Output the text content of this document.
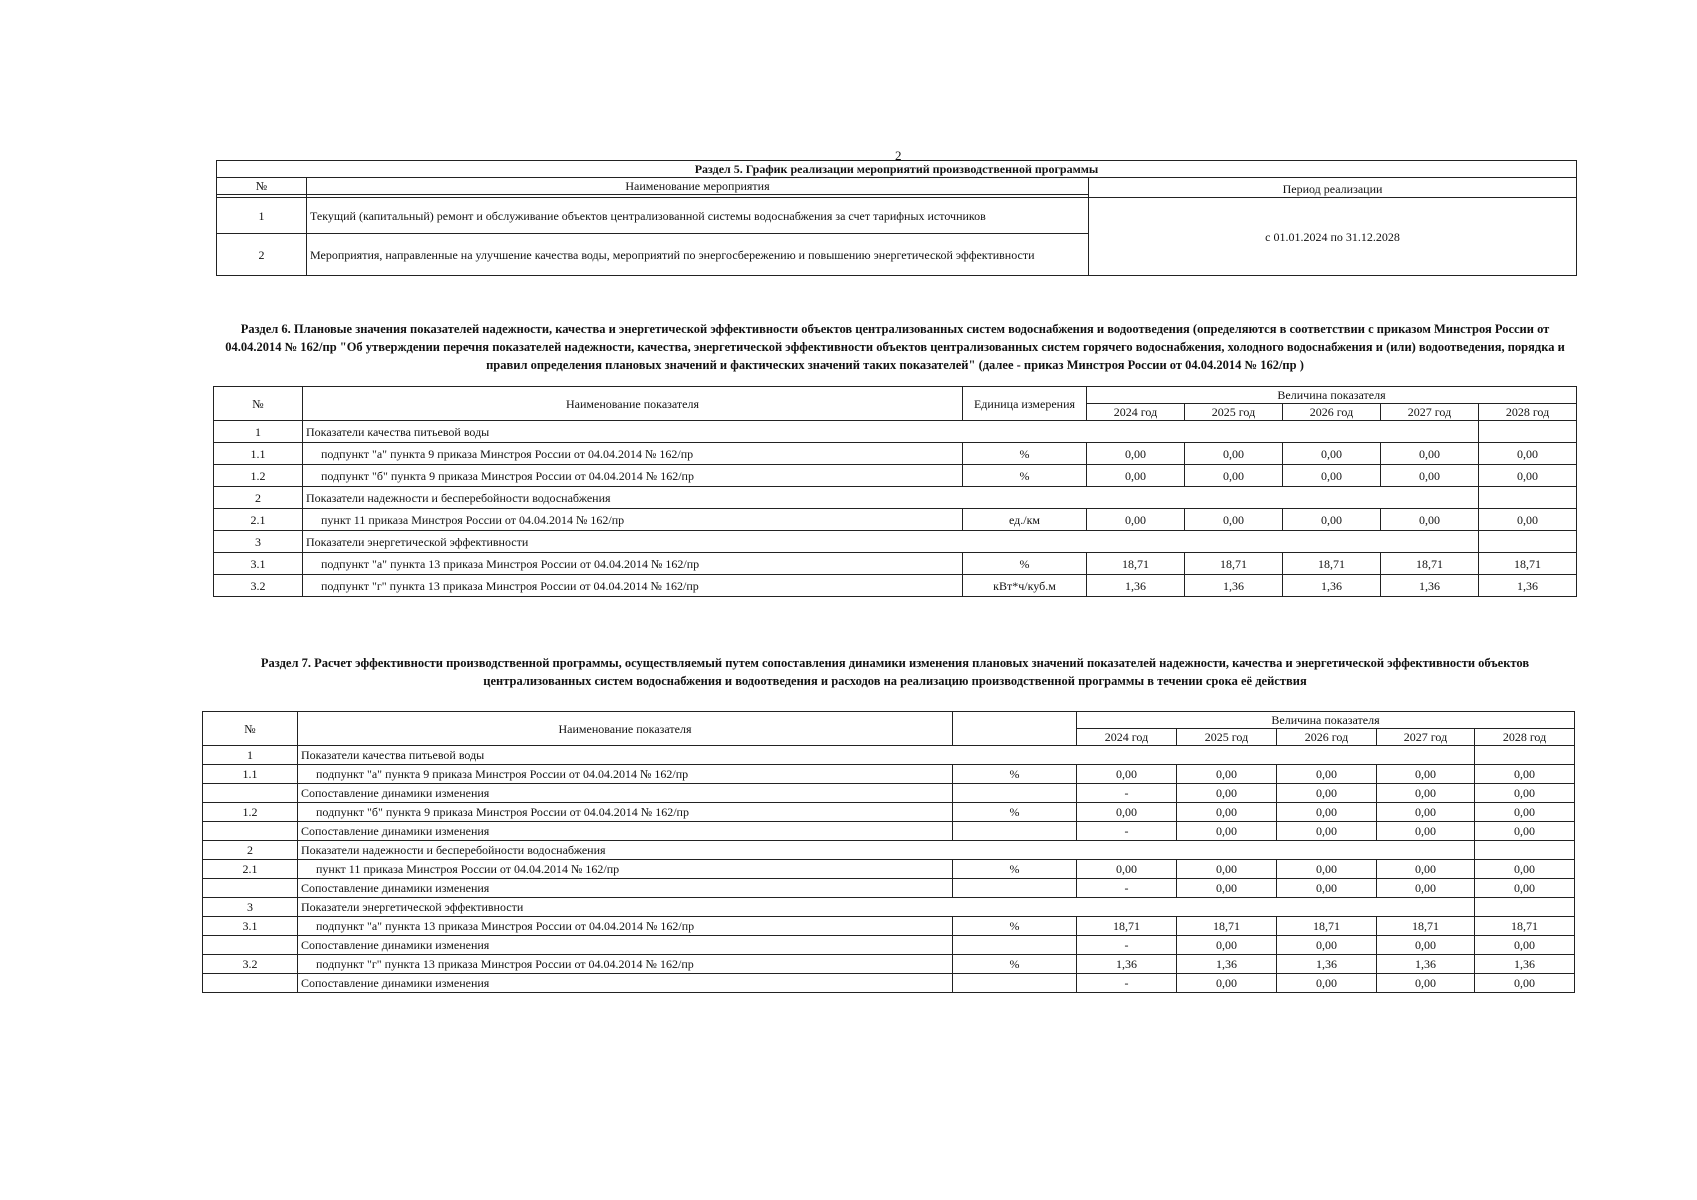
2
Раздел 5. График реализации мероприятий производственной программы		
№	Наименование мероприятия	Период реализации

1	Текущий (капитальный) ремонт и обслуживание объектов централизованной системы водоснабжения за счет тарифных источников	с 01.01.2024 по 31.12.2028
2	Мероприятия, направленные на улучшение качества воды, мероприятий по энергосбережению и повышению энергетической эффективности	
Раздел 6. Плановые значения показателей надежности, качества и энергетической эффективности объектов централизованных систем водоснабжения и водоотведения (определяются в соответствии с приказом Минстроя России от 04.04.2014 № 162/пр "Об утверждении перечня показателей надежности, качества, энергетической эффективности объектов централизованных систем горячего водоснабжения, холодного водоснабжения и (или) водоотведения, порядка и правил определения плановых значений и фактических значений таких показателей" (далее - приказ Минстроя России от 04.04.2014 № 162/пр )
№	Наименование показателя	Единица измерения	Величина показателя					
			2024 год	2025 год	2026 год	2027 год	2028 год	
1	Показатели качества питьевой воды							
1.1	подпункт "а" пункта 9 приказа Минстроя России от 04.04.2014 № 162/пр	%	0,00	0,00	0,00	0,00	0,00	
1.2	подпункт "б" пункта 9 приказа Минстроя России от 04.04.2014 № 162/пр	%	0,00	0,00	0,00	0,00	0,00	
2	Показатели надежности и бесперебойности водоснабжения							
2.1	пункт 11 приказа Минстроя России от 04.04.2014 № 162/пр	ед./км	0,00	0,00	0,00	0,00	0,00	
3	Показатели энергетической эффективности							
3.1	подпункт "а" пункта 13 приказа Минстроя России от 04.04.2014 № 162/пр	%	18,71	18,71	18,71	18,71	18,71	
3.2	подпункт "г" пункта 13 приказа Минстроя России от 04.04.2014 № 162/пр	кВт*ч/куб.м	1,36	1,36	1,36	1,36	1,36	
Раздел 7. Расчет эффективности производственной программы, осуществляемый путем сопоставления динамики изменения плановых значений показателей надежности, качества и энергетической эффективности объектов централизованных систем водоснабжения и водоотведения и расходов на реализацию производственной программы в течении срока её действия
№	Наименование показателя		Величина показателя					
			2024 год	2025 год	2026 год	2027 год	2028 год	
1	Показатели качества питьевой воды							
1.1	подпункт "а" пункта 9 приказа Минстроя России от 04.04.2014 № 162/пр	%	0,00	0,00	0,00	0,00	0,00	
	Сопоставление динамики изменения		-	0,00	0,00	0,00	0,00	
1.2	подпункт "б" пункта 9 приказа Минстроя России от 04.04.2014 № 162/пр	%	0,00	0,00	0,00	0,00	0,00	
	Сопоставление динамики изменения		-	0,00	0,00	0,00	0,00	
2	Показатели надежности и бесперебойности водоснабжения							
2.1	пункт 11 приказа Минстроя России от 04.04.2014 № 162/пр	%	0,00	0,00	0,00	0,00	0,00	
	Сопоставление динамики изменения		-	0,00	0,00	0,00	0,00	
3	Показатели энергетической эффективности							
3.1	подпункт "а" пункта 13 приказа Минстроя России от 04.04.2014 № 162/пр	%	18,71	18,71	18,71	18,71	18,71	
	Сопоставление динамики изменения		-	0,00	0,00	0,00	0,00	
3.2	подпункт "г" пункта 13 приказа Минстроя России от 04.04.2014 № 162/пр	%	1,36	1,36	1,36	1,36	1,36	
	Сопоставление динамики изменения		-	0,00	0,00	0,00	0,00	
